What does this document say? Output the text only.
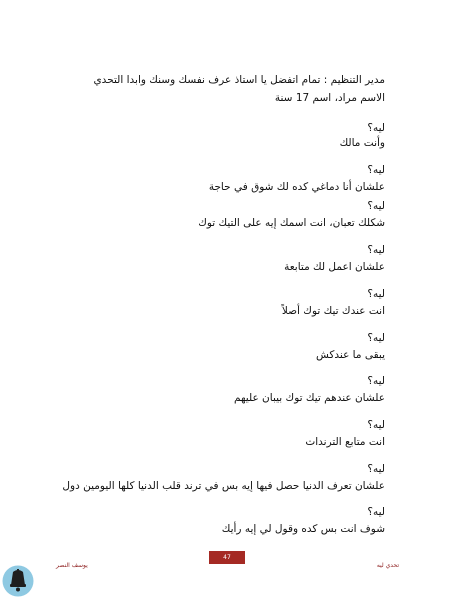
مدير التنظيم : تمام اتفضل يا استاذ عرف نفسك وسنك وابدا التحدي
الاسم مراد، اسم 17 سنة
ليه؟
وأنت مالك
ليه؟
علشان أنا دماغي كده لك شوق في حاجة
ليه؟
شكلك تعبان، انت اسمك إيه على التيك توك
ليه؟
علشان اعمل لك متابعة
ليه؟
انت عندك تيك توك أصلاً
ليه؟
يبقى ما عندكش
ليه؟
علشان عندهم تيك توك بيبان عليهم
ليه؟
انت متابع الترندات
ليه؟
علشان تعرف الدنيا حصل فيها إيه بس في ترند قلب الدنيا كلها اليومين دول
ليه؟
شوف انت بس كده وقول لي إيه رأيك
47
يوسف النصر	تحدي ليه
